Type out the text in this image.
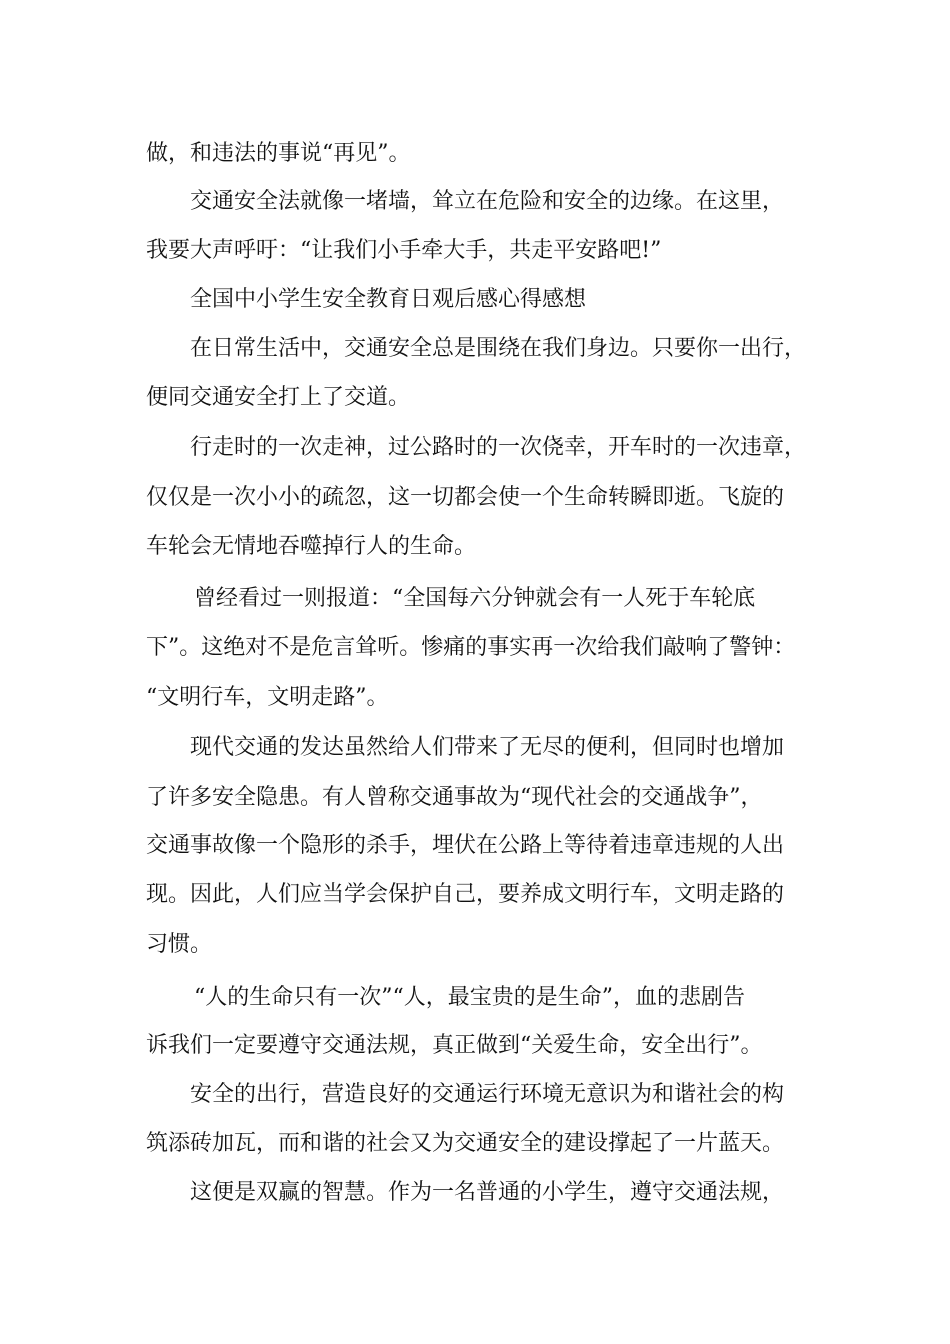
做，和违法的事说“再见”。
交通安全法就像一堵墙，耸立在危险和安全的边缘。在这里，
我要大声呼吁：“让我们小手牵大手，共走平安路吧!”
全国中小学生安全教育日观后感心得感想
在日常生活中，交通安全总是围绕在我们身边。只要你一出行，
便同交通安全打上了交道。
行走时的一次走神，过公路时的一次侥幸，开车时的一次违章，
仅仅是一次小小的疏忽，这一切都会使一个生命转瞬即逝。飞旋的
车轮会无情地吞噬掉行人的生命。
曾经看过一则报道：“全国每六分钟就会有一人死于车轮底
下”。这绝对不是危言耸听。惨痛的事实再一次给我们敲响了警钟：
“文明行车，文明走路”。
现代交通的发达虽然给人们带来了无尽的便利，但同时也增加
了许多安全隐患。有人曾称交通事故为“现代社会的交通战争”，
交通事故像一个隐形的杀手，埋伏在公路上等待着违章违规的人出
现。因此，人们应当学会保护自己，要养成文明行车，文明走路的
习惯。
“人的生命只有一次”“人，最宝贵的是生命”，血的悲剧告
诉我们一定要遵守交通法规，真正做到“关爱生命，安全出行”。
安全的出行，营造良好的交通运行环境无意识为和谐社会的构
筑添砖加瓦，而和谐的社会又为交通安全的建设撑起了一片蓝天。
这便是双赢的智慧。作为一名普通的小学生，遵守交通法规，
